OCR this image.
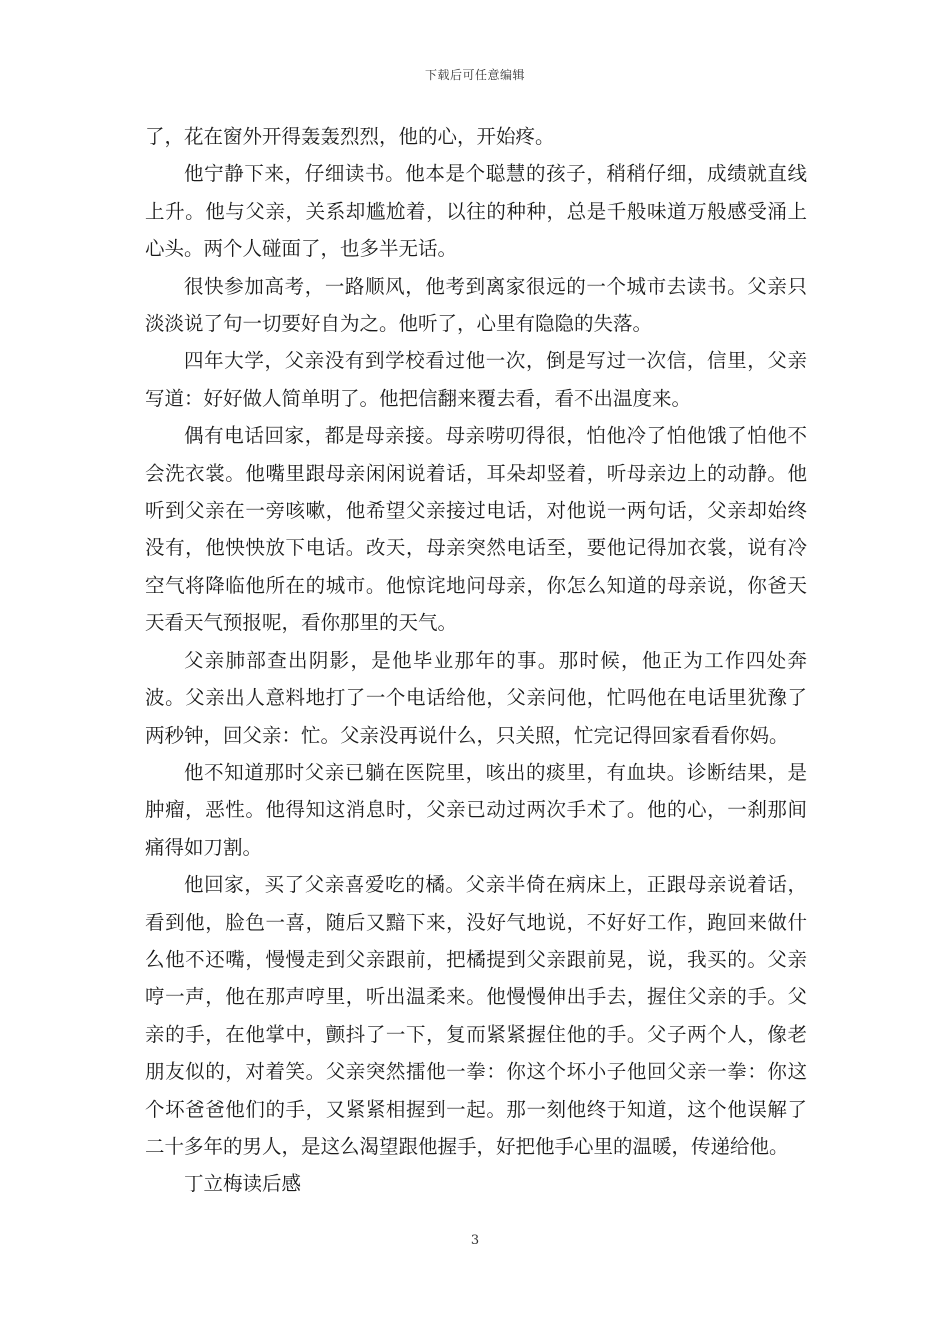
下载后可任意编辑

了，花在窗外开得轰轰烈烈，他的心，开始疼。

他宁静下来，仔细读书。他本是个聪慧的孩子，稍稍仔细，成绩就直线上升。他与父亲，关系却尴尬着，以往的种种，总是千般味道万般感受涌上心头。两个人碰面了，也多半无话。

很快参加高考，一路顺风，他考到离家很远的一个城市去读书。父亲只淡淡说了句一切要好自为之。他听了，心里有隐隐的失落。

四年大学，父亲没有到学校看过他一次，倒是写过一次信，信里，父亲写道：好好做人简单明了。他把信翻来覆去看，看不出温度来。

偶有电话回家，都是母亲接。母亲唠叨得很，怕他冷了怕他饿了怕他不会洗衣裳。他嘴里跟母亲闲闲说着话，耳朵却竖着，听母亲边上的动静。他听到父亲在一旁咳嗽，他希望父亲接过电话，对他说一两句话，父亲却始终没有，他怏怏放下电话。改天，母亲突然电话至，要他记得加衣裳，说有冷空气将降临他所在的城市。他惊诧地问母亲，你怎么知道的母亲说，你爸天天看天气预报呢，看你那里的天气。

父亲肺部查出阴影，是他毕业那年的事。那时候，他正为工作四处奔波。父亲出人意料地打了一个电话给他，父亲问他，忙吗他在电话里犹豫了两秒钟，回父亲：忙。父亲没再说什么，只关照，忙完记得回家看看你妈。

他不知道那时父亲已躺在医院里，咳出的痰里，有血块。诊断结果，是肿瘤，恶性。他得知这消息时，父亲已动过两次手术了。他的心，一刹那间痛得如刀割。

他回家，买了父亲喜爱吃的橘。父亲半倚在病床上，正跟母亲说着话，看到他，脸色一喜，随后又黯下来，没好气地说，不好好工作，跑回来做什么他不还嘴，慢慢走到父亲跟前，把橘提到父亲跟前晃，说，我买的。父亲哼一声，他在那声哼里，听出温柔来。他慢慢伸出手去，握住父亲的手。父亲的手，在他掌中，颤抖了一下，复而紧紧握住他的手。父子两个人，像老朋友似的，对着笑。父亲突然擂他一拳：你这个坏小子他回父亲一拳：你这个坏爸爸他们的手，又紧紧相握到一起。那一刻他终于知道，这个他误解了二十多年的男人，是这么渴望跟他握手，好把他手心里的温暖，传递给他。

丁立梅读后感

3
